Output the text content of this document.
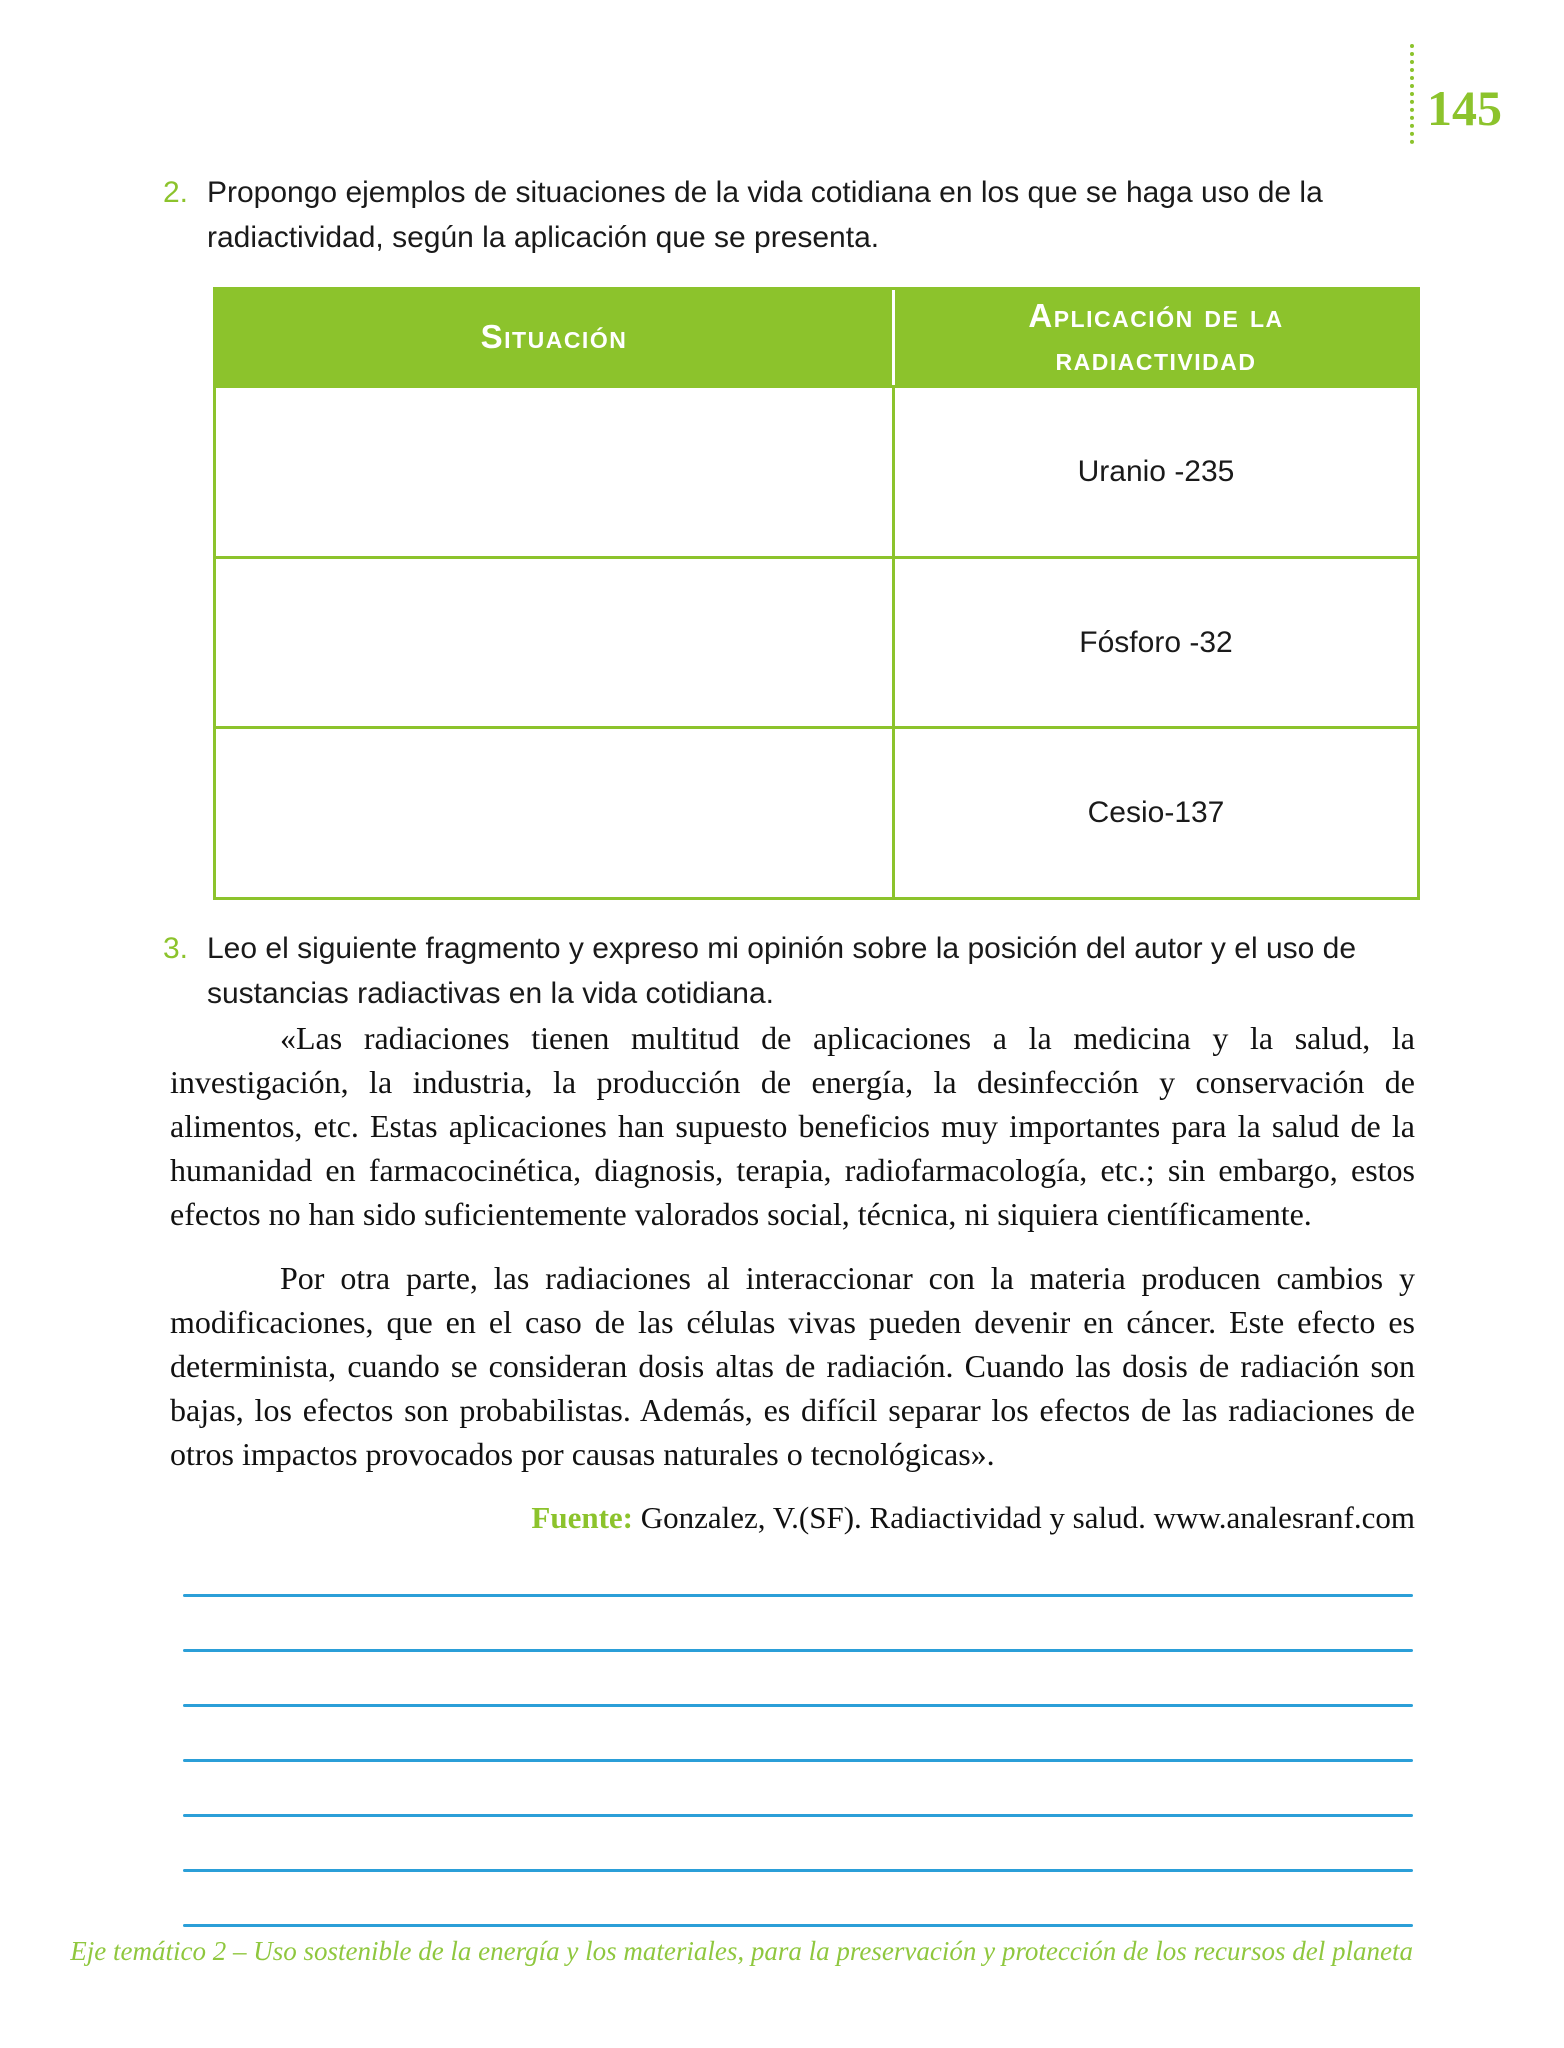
145
2. Propongo ejemplos de situaciones de la vida cotidiana en los que se haga uso de la radiactividad, según la aplicación que se presenta.
Situación
Aplicación de la radiactividad
Uranio -235
Fósforo -32
Cesio-137
3. Leo el siguiente fragmento y expreso mi opinión sobre la posición del autor y el uso de sustancias radiactivas en la vida cotidiana.

«Las radiaciones tienen multitud de aplicaciones a la medicina y la salud, la investigación, la industria, la producción de energía, la desinfección y conservación de alimentos, etc. Estas aplicaciones han supuesto beneficios muy importantes para la salud de la humanidad en farmacocinética, diagnosis, terapia, radiofarmacología, etc.; sin embargo, estos efectos no han sido suficientemente valorados social, técnica, ni siquiera científicamente.

Por otra parte, las radiaciones al interaccionar con la materia producen cambios y modificaciones, que en el caso de las células vivas pueden devenir en cáncer. Este efecto es determinista, cuando se consideran dosis altas de radiación. Cuando las dosis de radiación son bajas, los efectos son probabilistas. Además, es difícil separar los efectos de las radiaciones de otros impactos provocados por causas naturales o tecnológicas».

Fuente: Gonzalez, V.(SF). Radiactividad y salud. www.analesranf.com
Eje temático 2 – Uso sostenible de la energía y los materiales, para la preservación y protección de los recursos del planeta
